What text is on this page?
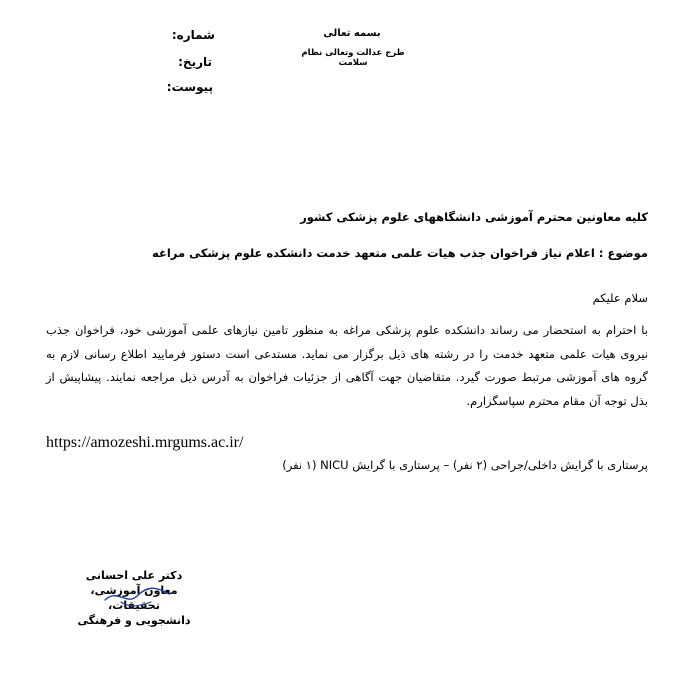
شماره:
تاریخ:
پیوست:
بسمه تعالی
طرح عدالت وتعالی نظام سلامت
کلیه معاونین محترم آموزشی دانشگاههای علوم پزشکی کشور
موضوع : اعلام نیاز فراخوان جذب هیات علمی متعهد خدمت دانشکده علوم پزشکی مراغه
سلام علیکم
با احترام به استحضار می رساند دانشکده علوم پزشکی مراغه به منظور تامین نیازهای علمی آموزشی خود، فراخوان جذب نیروی هیات علمی متعهد خدمت را در رشته های ذیل برگزار می نماید. مستدعی است دستور فرمایید اطلاع رسانی لازم به گروه های آموزشی مرتبط صورت گیرد. متقاضیان جهت آگاهی از جزئیات فراخوان به آدرس ذیل مراجعه نمایند. پیشاپیش از بذل توجه آن مقام محترم سپاسگزارم.
https://amozeshi.mrgums.ac.ir/
پرستاری با گرایش داخلی/جراحی (۲ نفر) – پرستاری با گرایش NICU (۱ نفر)
دکتر علی احسانی
معاون آموزشی، تحقیقات،
دانشجویی و فرهنگی
